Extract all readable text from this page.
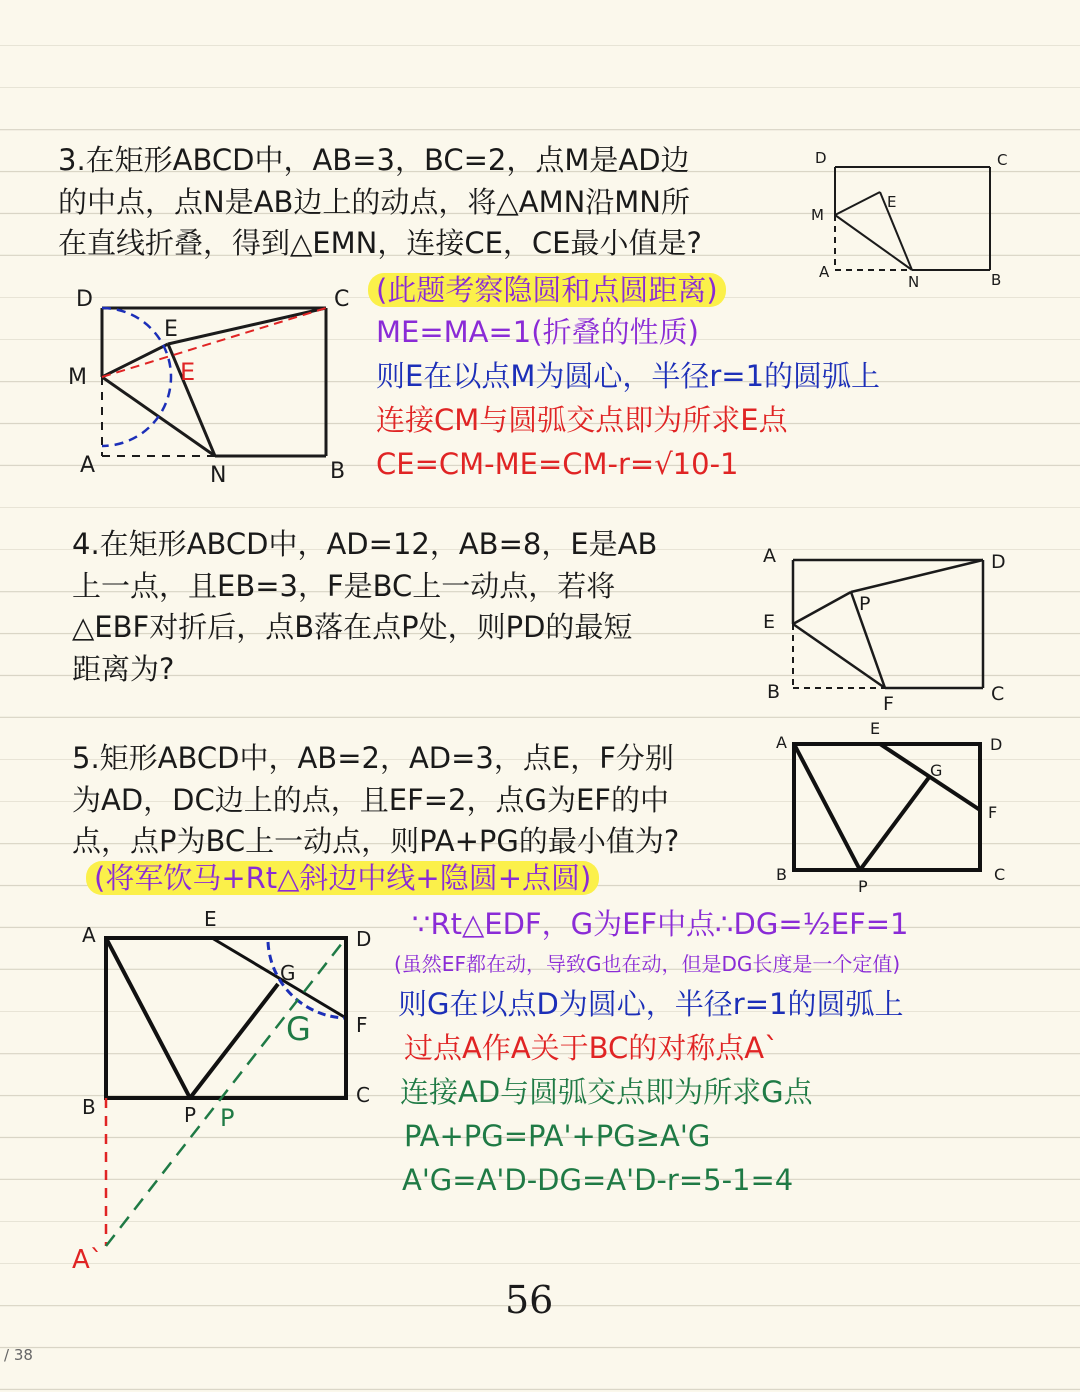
3.在矩形ABCD中，AB=3，BC=2，点M是AD边
的中点，点N是AB边上的动点，将△AMN沿MN所
在直线折叠，得到△EMN，连接CE，CE最小值是?
D	C
M
E
A
N	B
D	C
M
E
A	N	B
E
(此题考察隐圆和点圆距离)
ME=MA=1(折叠的性质)
则E在以点M为圆心，半径r=1的圆弧上
连接CM与圆弧交点即为所求E点
CE=CM-ME=CM-r=√10-1
4.在矩形ABCD中，AD=12，AB=8，E是AB
上一点，且EB=3，F是BC上一动点，若将
△EBF对折后，点B落在点P处，则PD的最短
距离为?
A	D
P
E
B
F	C
5.矩形ABCD中，AB=2，AD=3，点E，F分别
为AD，DC边上的点，且EF=2，点G为EF的中
点，点P为BC上一动点，则PA+PG的最小值为?
(将军饮马+Rt△斜边中线+隐圆+点圆)
A
E
D
G
F
B
P
C
A
E
D
G
F
B	P
C
G
P
A`
∵Rt△EDF，G为EF中点∴DG=½EF=1
(虽然EF都在动，导致G也在动，但是DG长度是一个定值)
则G在以点D为圆心，半径r=1的圆弧上
过点A作A关于BC的对称点A`
连接AD与圆弧交点即为所求G点
PA+PG=PA'+PG≥A'G
A'G=A'D-DG=A'D-r=5-1=4
56
/ 38
